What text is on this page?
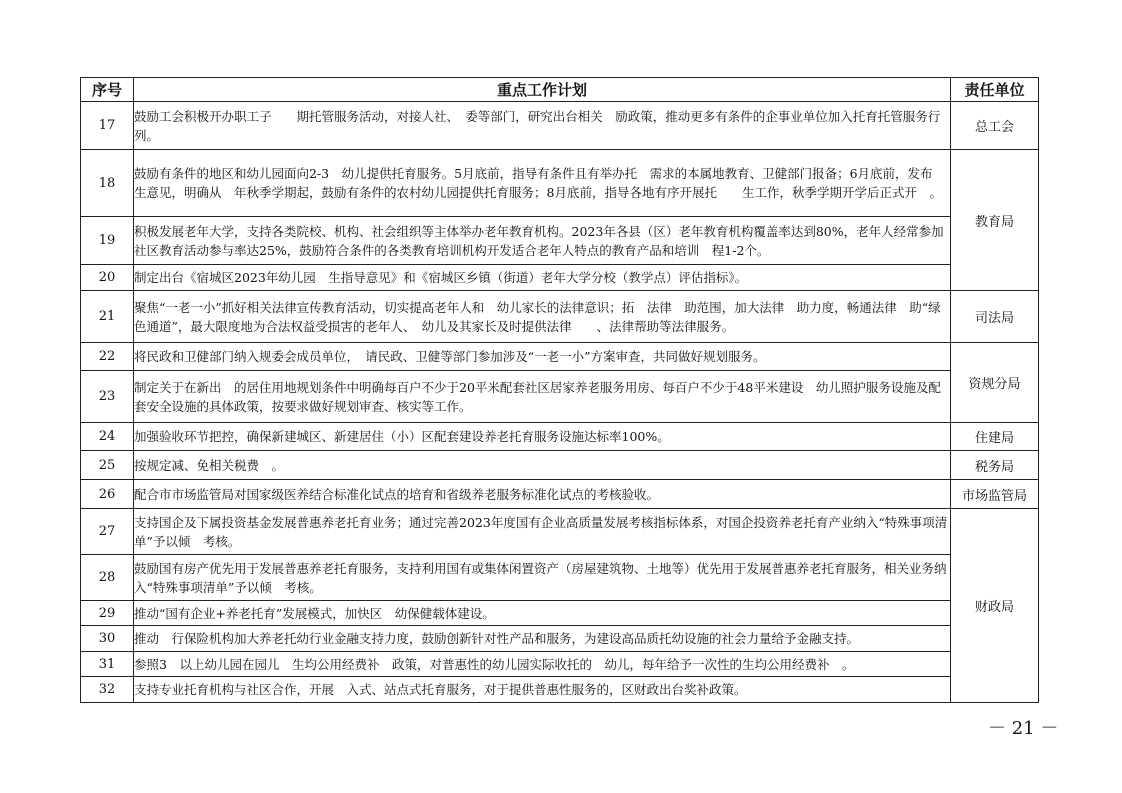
序号	重点工作计划	责任单位
17	鼓励工会积极开办职工子　　期托管服务活动，对接人社、　委等部门，研究出台相关　励政策，推动更多有条件的企事业单位加入托育托管服务行列。	总工会
18	鼓励有条件的地区和幼儿园面向2-3　幼儿提供托育服务。5月底前，指导有条件且有举办托　需求的本属地教育、卫健部门报备；6月底前，发布　生意见，明确从　年秋季学期起，鼓励有条件的农村幼儿园提供托育服务；8月底前，指导各地有序开展托　　生工作，秋季学期开学后正式开　。	教育局
19	积极发展老年大学，支持各类院校、机构、社会组织等主体举办老年教育机构。2023年各县（区）老年教育机构覆盖率达到80%，老年人经常参加社区教育活动参与率达25%，鼓励符合条件的各类教育培训机构开发适合老年人特点的教育产品和培训　程1-2个。	
20	制定出台《宿城区2023年幼儿园　生指导意见》和《宿城区乡镇（街道）老年大学分校（教学点）评估指标》。	
21	聚焦“一老一小”抓好相关法律宣传教育活动，切实提高老年人和　幼儿家长的法律意识；拓　法律　助范围，加大法律　助力度，畅通法律　助“绿色通道”，最大限度地为合法权益受损害的老年人、　幼儿及其家长及时提供法律　　、法律帮助等法律服务。	司法局
22	将民政和卫健部门纳入规委会成员单位，　请民政、卫健等部门参加涉及“一老一小”方案审查，共同做好规划服务。	资规分局
23	制定关于在新出　的居住用地规划条件中明确每百户不少于20平米配套社区居家养老服务用房、每百户不少于48平米建设　幼儿照护服务设施及配套安全设施的具体政策，按要求做好规划审查、核实等工作。	
24	加强验收环节把控，确保新建城区、新建居住（小）区配套建设养老托育服务设施达标率100%。	住建局
25	按规定减、免相关税费　。	税务局
26	配合市市场监管局对国家级医养结合标准化试点的培育和省级养老服务标准化试点的考核验收。	市场监管局
27	支持国企及下属投资基金发展普惠养老托育业务；通过完善2023年度国有企业高质量发展考核指标体系，对国企投资养老托育产业纳入“特殊事项清单”予以倾　考核。	财政局
28	鼓励国有房产优先用于发展普惠养老托育服务，支持利用国有或集体闲置资产（房屋建筑物、土地等）优先用于发展普惠养老托育服务，相关业务纳入“特殊事项清单”予以倾　考核。	
29	推动“国有企业+养老托育”发展模式，加快区　幼保健载体建设。	
30	推动　行保险机构加大养老托幼行业金融支持力度，鼓励创新针对性产品和服务，为建设高品质托幼设施的社会力量给予金融支持。	
31	参照3　以上幼儿园在园儿　生均公用经费补　政策，对普惠性的幼儿园实际收托的　幼儿，每年给予一次性的生均公用经费补　。	
32	支持专业托育机构与社区合作，开展　入式、站点式托育服务，对于提供普惠性服务的，区财政出台奖补政策。	
－ 21 －
